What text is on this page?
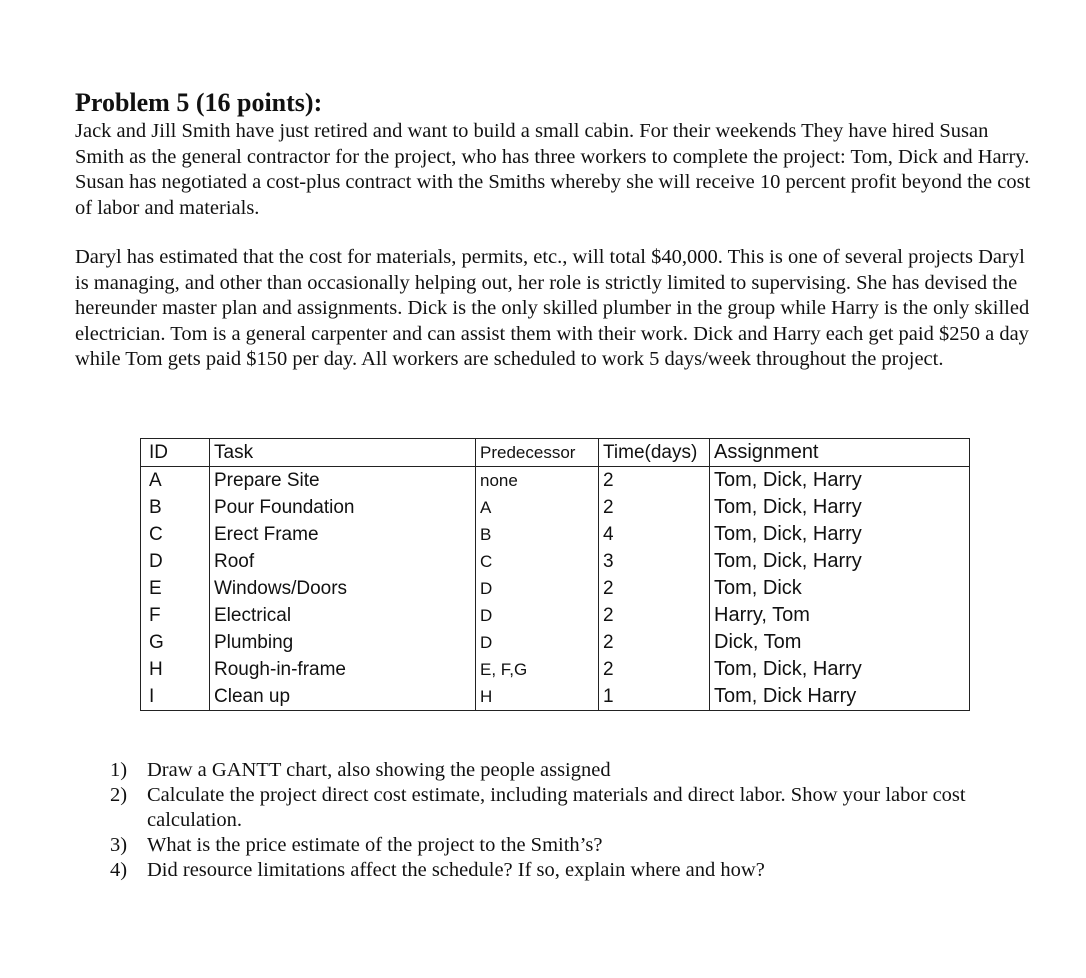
Problem 5 (16 points):

Jack and Jill Smith have just retired and want to build a small cabin. For their weekends They have hired Susan Smith as the general contractor for the project, who has three workers to complete the project: Tom, Dick and Harry. Susan has negotiated a cost-plus contract with the Smiths whereby she will receive 10 percent profit beyond the cost of labor and materials.

Daryl has estimated that the cost for materials, permits, etc., will total $40,000. This is one of several projects Daryl is managing, and other than occasionally helping out, her role is strictly limited to supervising. She has devised the hereunder master plan and assignments. Dick is the only skilled plumber in the group while Harry is the only skilled electrician. Tom is a general carpenter and can assist them with their work. Dick and Harry each get paid $250 a day while Tom gets paid $150 per day. All workers are scheduled to work 5 days/week throughout the project.

ID	Task	Predecessor	Time(days)	Assignment
A	Prepare Site	none	2	Tom, Dick, Harry
B	Pour Foundation	A	2	Tom, Dick, Harry
C	Erect Frame	B	4	Tom, Dick, Harry
D	Roof	C	3	Tom, Dick, Harry
E	Windows/Doors	D	2	Tom, Dick
F	Electrical	D	2	Harry, Tom
G	Plumbing	D	2	Dick, Tom
H	Rough-in-frame	E, F,G	2	Tom, Dick, Harry
I	Clean up	H	1	Tom, Dick Harry
1) Draw a GANTT chart, also showing the people assigned
2) Calculate the project direct cost estimate, including materials and direct labor. Show your labor cost calculation.
3) What is the price estimate of the project to the Smith’s?
4) Did resource limitations affect the schedule? If so, explain where and how?
